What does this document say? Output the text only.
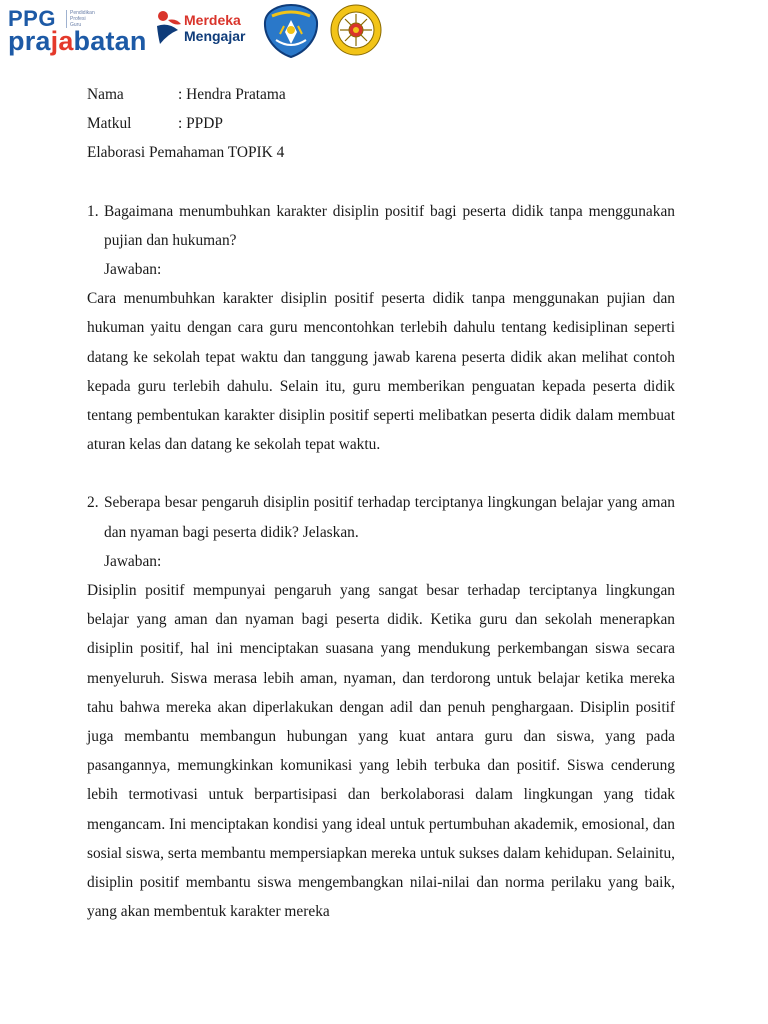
PPG	Pendidikan
Profesi
Guru
prajabatan
Merdeka
Mengajar
Nama	: Hendra Pratama
Matkul	: PPDP
Elaborasi Pemahaman TOPIK 4
1. Bagaimana menumbuhkan karakter disiplin positif bagi peserta didik tanpa menggunakan pujian dan hukuman?
Jawaban:
Cara menumbuhkan karakter disiplin positif peserta didik tanpa menggunakan pujian dan hukuman yaitu dengan cara guru mencontohkan terlebih dahulu tentang kedisiplinan seperti datang ke sekolah tepat waktu dan tanggung jawab karena peserta didik akan melihat contoh kepada guru terlebih dahulu. Selain itu, guru memberikan penguatan kepada peserta didik tentang pembentukan karakter disiplin positif seperti melibatkan peserta didik dalam membuat aturan kelas dan datang ke sekolah tepat waktu.
2. Seberapa besar pengaruh disiplin positif terhadap terciptanya lingkungan belajar yang aman dan nyaman bagi peserta didik? Jelaskan.
Jawaban:
Disiplin positif mempunyai pengaruh yang sangat besar terhadap terciptanya lingkungan belajar yang aman dan nyaman bagi peserta didik. Ketika guru dan sekolah menerapkan disiplin positif, hal ini menciptakan suasana yang mendukung perkembangan siswa secara menyeluruh. Siswa merasa lebih aman, nyaman, dan terdorong untuk belajar ketika mereka tahu bahwa mereka akan diperlakukan dengan adil dan penuh penghargaan. Disiplin positif juga membantu membangun hubungan yang kuat antara guru dan siswa, yang pada pasangannya, memungkinkan komunikasi yang lebih terbuka dan positif. Siswa cenderung lebih termotivasi untuk berpartisipasi dan berkolaborasi dalam lingkungan yang tidak mengancam. Ini menciptakan kondisi yang ideal untuk pertumbuhan akademik, emosional, dan sosial siswa, serta membantu mempersiapkan mereka untuk sukses dalam kehidupan. Selainitu, disiplin positif membantu siswa mengembangkan nilai-nilai dan norma perilaku yang baik, yang akan membentuk karakter mereka
